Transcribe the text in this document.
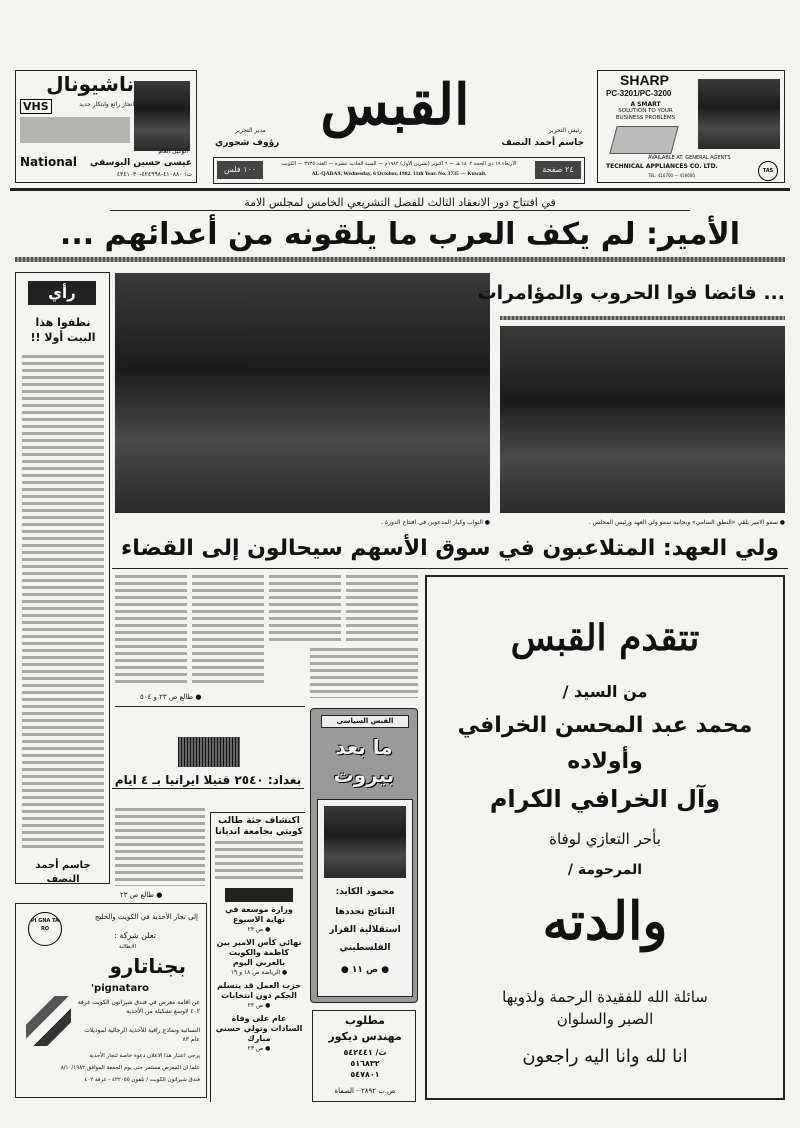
ناشيونال
VHS	انجاز رائع وابتكار جديد
National
الوكيل العام
عيسى حسين اليوسفي
ت: ٤١٠٨٨٠-٤٢٤٩٩٨-٤٣٤١٠٣٠
القبس	رئيس التحرير
جاسم أحمد النصف
مدير التحرير
رؤوف شحوري
١٠٠ فلس	٢٤ صفحة
الاربعاء ١٩ ذي الحجة ١٤٠٢ هـ — ٦ اكتوبر (تشرين الاول) ١٩٨٢م — السنة الحادية عشرة — العدد ٣٧٣٥ — الكويت
AL-QABAS, Wednesday, 6 October, 1982. 11th Year. No. 3735 — Kuwait.
SHARP
PC-3201/PC-3200
A SMART
SOLUTION TO YOUR
BUSINESS PROBLEMS
AVAILABLE AT: GENERAL AGENTS
TECHNICAL APPLIANCES CO. LTD.
TEL: 416700 — 416600
TAS
في افتتاح دور الانعقاد الثالث للفصل التشريعي الخامس لمجلس الامة
الأمير: لم يكف العرب ما يلقونه من أعدائهم ...
رأي
نظفوا هذا البيت أولا !!
جاسم أحمد النصف
... فائضا فوا الحروب والمؤامرات
● النواب وكبار المدعوين في افتتاح الدورة .	● سمو الامير يلقي «النطق السامي» وبجانبه سمو ولي العهد ورئيس المجلس .
ولي العهد: المتلاعبون في سوق الأسهم سيحالون إلى القضاء
● طالع ص ٢٣ و ٥٠٤
بغداد: ٢٥٤٠ قتيلا ايرانيا بـ ٤ ايام
● طالع ص ٢٣
اكتشاف جثة طالب كويتي بجامعة انديانا
وزارة موسعة في نهاية الاسبوع
● ص ٢٣
نهائي كأس الامير بين كاظمة والكويت بالعربي اليوم
● الرياضة ص ١٨ و ١٩
حزب العمل قد يتسلم الحكم دون انتخابات
● ص ٢٣
عام على وفاة السادات وتولي حسني مبارك
● ص ٢٣
القبس السياسي
ما بعد بيروت
محمود الكايد:
النتائج تحددها
استقلالية القرار
الفلسطيني
● ص ١١ ●
مطلوب
مهندس ديكور
ت/ ٥٤٢٤٤١
٥١٦٨٣٢
٥٤٧٨٠١
ص.ب ٢٨٩٢ - الصفاة
PI GNA TA RO
إلى تجار الأحذية في الكويت والخليج
تعلن شركة :
الايطالية
بجناتارو
'pignataro
عن اقامة معرض في فندق شيراتون الكويت غرفة ٤٠٢ لاوسع تشكيلة من الأحذية
النسائية ونماذج راقية للأحذية الرجالية لموديلات عام ٨٣
يرجى اعتبار هذا الاعلان دعوة خاصة لتجار الأحذية
علما ان المعرض مستمر حتى يوم الجمعة الموافق ٨/١٠/١٩٨٢
فندق شيراتون الكويت / تلفون ٤٢٢٠٥٥ - غرفة ٤٠٢
تتقدم القبس
من السيد /
محمد عبد المحسن الخرافي
وأولاده
وآل الخرافي الكرام
بأحر التعازي لوفاة
المرحومة /
والدته
سائلة الله للفقيدة الرحمة ولذويها
الصبر والسلوان
انا لله وانا اليه راجعون
